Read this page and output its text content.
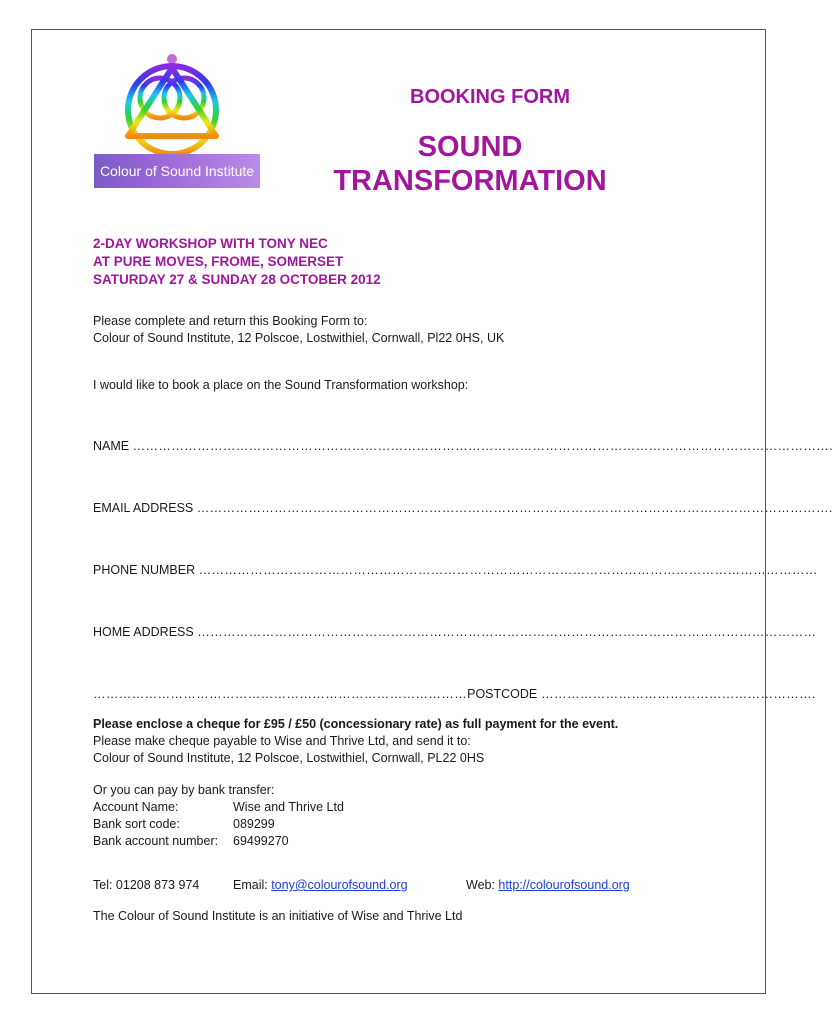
Colour of Sound Institute
BOOKING FORM
SOUND
TRANSFORMATION
2-DAY WORKSHOP WITH TONY NEC
AT PURE MOVES, FROME, SOMERSET
SATURDAY 27 & SUNDAY 28 OCTOBER 2012
Please complete and return this Booking Form to:
Colour of Sound Institute, 12 Polscoe, Lostwithiel, Cornwall, Pl22 0HS, UK
I would like to book a place on the Sound Transformation workshop:
NAME ……………………………………………………………………………………………………………………………………………….
EMAIL ADDRESS ………………………………………………………………………………………………………………………………….
PHONE NUMBER ………………………………………………………………………………………………………………………………
HOME ADDRESS ………………………………………………………………………………………………………………………………
……………………………………………………………………………POSTCODE ……………………………………………………….
Please enclose a cheque for £95 / £50 (concessionary rate) as full payment for the event.
Please make cheque payable to Wise and Thrive Ltd, and send it to:
Colour of Sound Institute, 12 Polscoe, Lostwithiel, Cornwall, PL22 0HS
Or you can pay by bank transfer:
Account Name:	Wise and Thrive Ltd
Bank sort code:	089299
Bank account number: 69499270
Tel: 01208 873 974	Email: tony@colourofsound.org	Web: http://colourofsound.org
The Colour of Sound Institute is an initiative of Wise and Thrive Ltd
